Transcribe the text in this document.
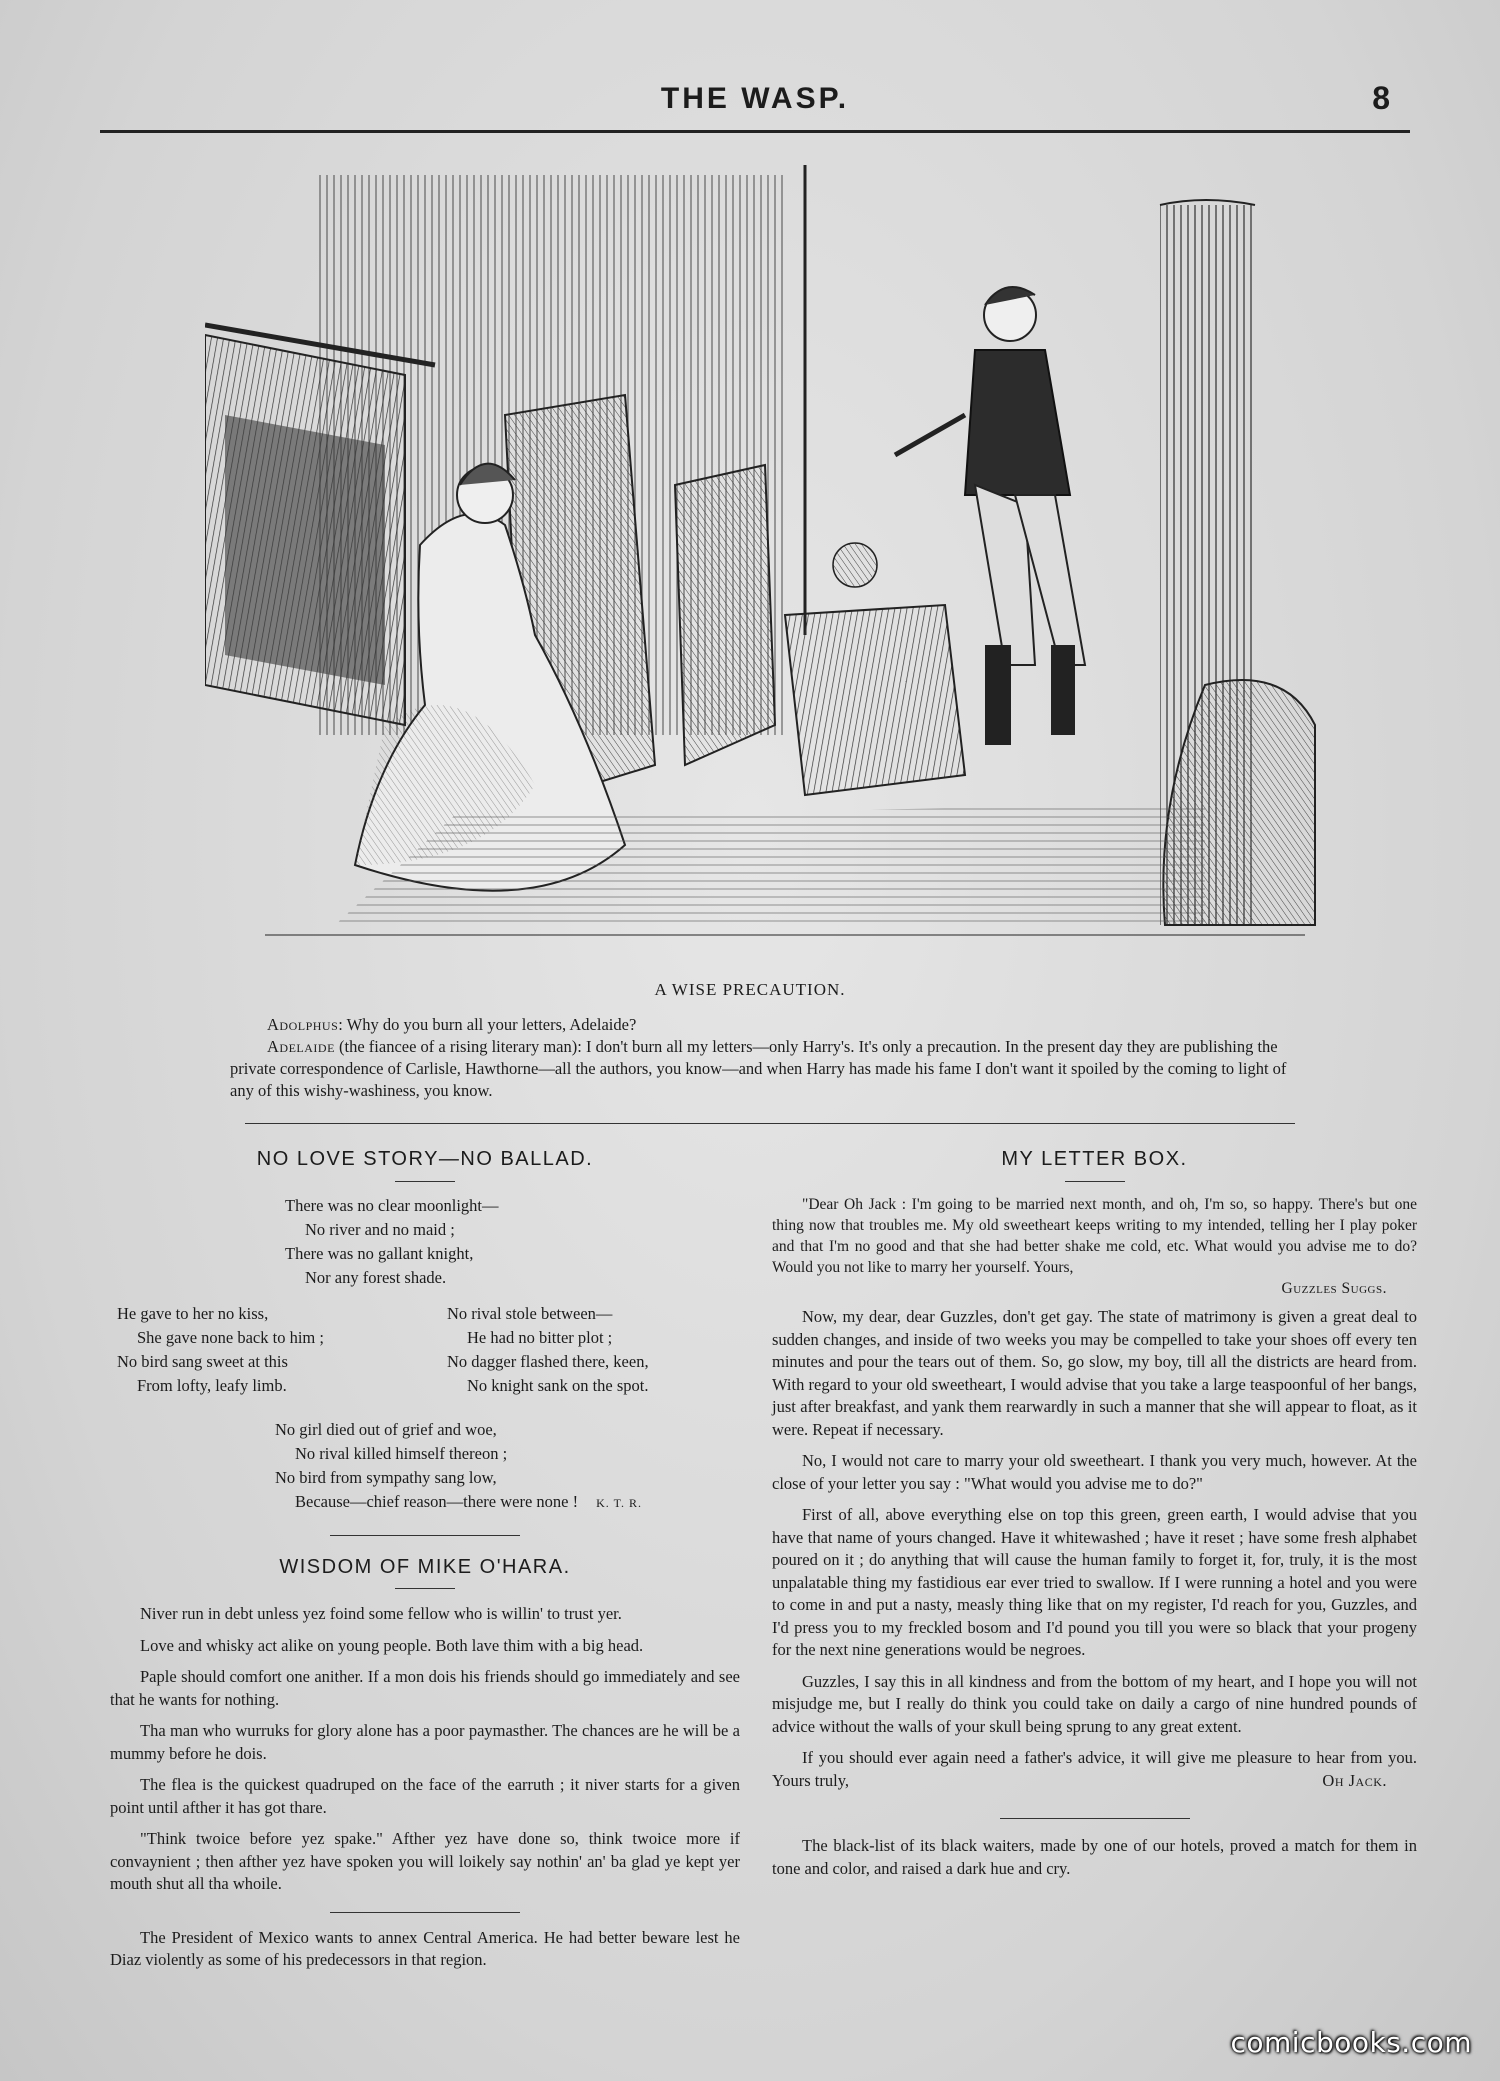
THE WASP.	8
A WISE PRECAUTION.

Adolphus: Why do you burn all your letters, Adelaide?

Adelaide (the fiancee of a rising literary man): I don't burn all my letters—only Harry's. It's only a precaution. In the present day they are publishing the private correspondence of Carlisle, Hawthorne—all the authors, you know—and when Harry has made his fame I don't want it spoiled by the coming to light of any of this wishy-washiness, you know.

NO LOVE STORY—NO BALLAD.
There was no clear moonlight—
No river and no maid ;
There was no gallant knight,
Nor any forest shade.
He gave to her no kiss,
She gave none back to him ;
No bird sang sweet at this
From lofty, leafy limb.
No rival stole between—
He had no bitter plot ;
No dagger flashed there, keen,
No knight sank on the spot.
No girl died out of grief and woe,
No rival killed himself thereon ;
No bird from sympathy sang low,
Because—chief reason—there were none ! K. T. R.
WISDOM OF MIKE O'HARA.

Niver run in debt unless yez foind some fellow who is willin' to trust yer.

Love and whisky act alike on young people. Both lave thim with a big head.

Paple should comfort one anither. If a mon dois his friends should go immediately and see that he wants for nothing.

Tha man who wurruks for glory alone has a poor paymasther. The chances are he will be a mummy before he dois.

The flea is the quickest quadruped on the face of the earruth ; it niver starts for a given point until afther it has got thare.

"Think twoice before yez spake." Afther yez have done so, think twoice more if convaynient ; then afther yez have spoken you will loikely say nothin' an' ba glad ye kept yer mouth shut all tha whoile.

The President of Mexico wants to annex Central America. He had better beware lest he Diaz violently as some of his predecessors in that region.

MY LETTER BOX.

"Dear Oh Jack : I'm going to be married next month, and oh, I'm so, so happy. There's but one thing now that troubles me. My old sweetheart keeps writing to my intended, telling her I play poker and that I'm no good and that she had better shake me cold, etc. What would you advise me to do? Would you not like to marry her yourself. Yours,

Guzzles Suggs.

Now, my dear, dear Guzzles, don't get gay. The state of matrimony is given a great deal to sudden changes, and inside of two weeks you may be compelled to take your shoes off every ten minutes and pour the tears out of them. So, go slow, my boy, till all the districts are heard from. With regard to your old sweetheart, I would advise that you take a large teaspoonful of her bangs, just after breakfast, and yank them rearwardly in such a manner that she will appear to float, as it were. Repeat if necessary.

No, I would not care to marry your old sweetheart. I thank you very much, however. At the close of your letter you say : "What would you advise me to do?"

First of all, above everything else on top this green, green earth, I would advise that you have that name of yours changed. Have it whitewashed ; have it reset ; have some fresh alphabet poured on it ; do anything that will cause the human family to forget it, for, truly, it is the most unpalatable thing my fastidious ear ever tried to swallow. If I were running a hotel and you were to come in and put a nasty, measly thing like that on my register, I'd reach for you, Guzzles, and I'd press you to my freckled bosom and I'd pound you till you were so black that your progeny for the next nine generations would be negroes.

Guzzles, I say this in all kindness and from the bottom of my heart, and I hope you will not misjudge me, but I really do think you could take on daily a cargo of nine hundred pounds of advice without the walls of your skull being sprung to any great extent.

If you should ever again need a father's advice, it will give me pleasure to hear from you. Yours truly,	Oh Jack.

The black-list of its black waiters, made by one of our hotels, proved a match for them in tone and color, and raised a dark hue and cry.

comicbooks.com
